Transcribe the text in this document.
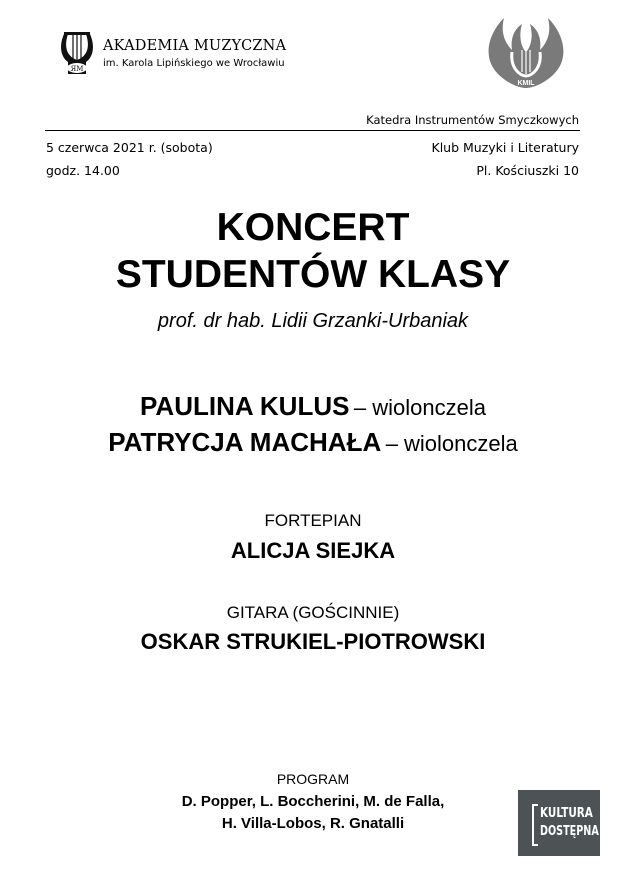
ЯМ
AKADEMIA MUZYCZNA
im. Karola Lipińskiego we Wrocławiu
w
KMIL
Katedra Instrumentów Smyczkowych
5 czerwca 2021 r. (sobota)
godz. 14.00
Klub Muzyki i Literatury
Pl. Kościuszki 10
KONCERT
STUDENTÓW KLASY
prof. dr hab. Lidii Grzanki-Urbaniak
PAULINA KULUS – wiolonczela
PATRYCJA MACHAŁA – wiolonczela
FORTEPIAN
ALICJA SIEJKA
GITARA (GOŚCINNIE)
OSKAR STRUKIEL-PIOTROWSKI
PROGRAM
D. Popper, L. Boccherini, M. de Falla,
H. Villa-Lobos, R. Gnatalli
KULTURA
DOSTĘPNA
